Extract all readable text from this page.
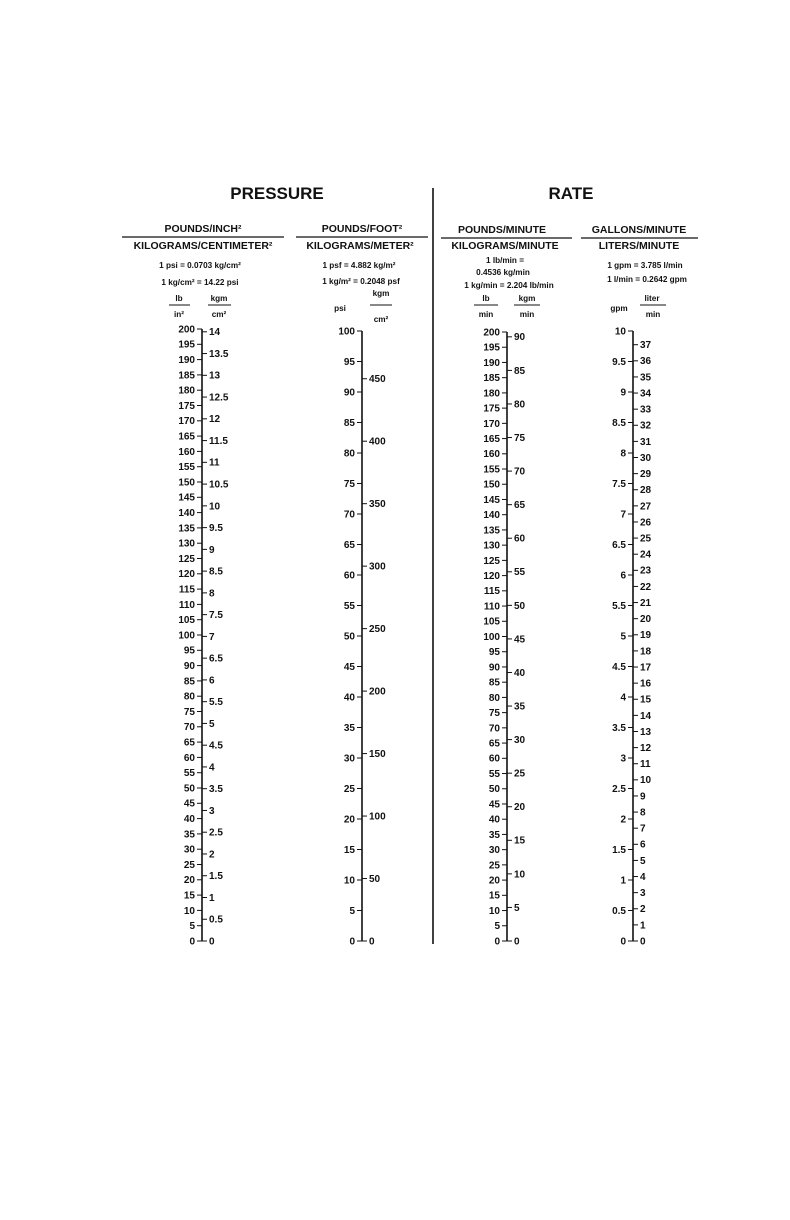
PRESSURE	RATE
POUNDS/INCH²
KILOGRAMS/CENTIMETER²
1 psi = 0.0703 kg/cm²
1 kg/cm² = 14.22 psi
lb
in²
kgm
cm²
0
5
10
15
20
25
30
35
40
45
50
55
60
65
70
75
80
85
90
95
100
105
110
115
120
125
130
135
140
145
150
155
160
165
170
175
180
185
190
195
200
0
0.5
1
1.5
2
2.5
3
3.5
4
4.5
5
5.5
6
6.5
7
7.5
8
8.5
9
9.5
10
10.5
11
11.5
12
12.5
13
13.5
14
POUNDS/FOOT²
KILOGRAMS/METER²
1 psf = 4.882 kg/m²
1 kg/m² = 0.2048 psf
psi
kgm
cm²
0
5
10
15
20
25
30
35
40
45
50
55
60
65
70
75
80
85
90
95
100
0
50
100
150
200
250
300
350
400
450
POUNDS/MINUTE
KILOGRAMS/MINUTE
1 lb/min =
0.4536 kg/min
1 kg/min = 2.204 lb/min
lb
min
kgm
min
0
5
10
15
20
25
30
35
40
45
50
55
60
65
70
75
80
85
90
95
100
105
110
115
120
125
130
135
140
145
150
155
160
165
170
175
180
185
190
195
200
0
5
10
15
20
25
30
35
40
45
50
55
60
65
70
75
80
85
90
GALLONS/MINUTE
LITERS/MINUTE
1 gpm = 3.785 l/min
1 l/min = 0.2642 gpm
gpm
liter
min
0
0.5
1
1.5
2
2.5
3
3.5
4
4.5
5
5.5
6
6.5
7
7.5
8
8.5
9
9.5
10
0
1
2
3
4
5
6
7
8
9
10
11
12
13
14
15
16
17
18
19
20
21
22
23
24
25
26
27
28
29
30
31
32
33
34
35
36
37
